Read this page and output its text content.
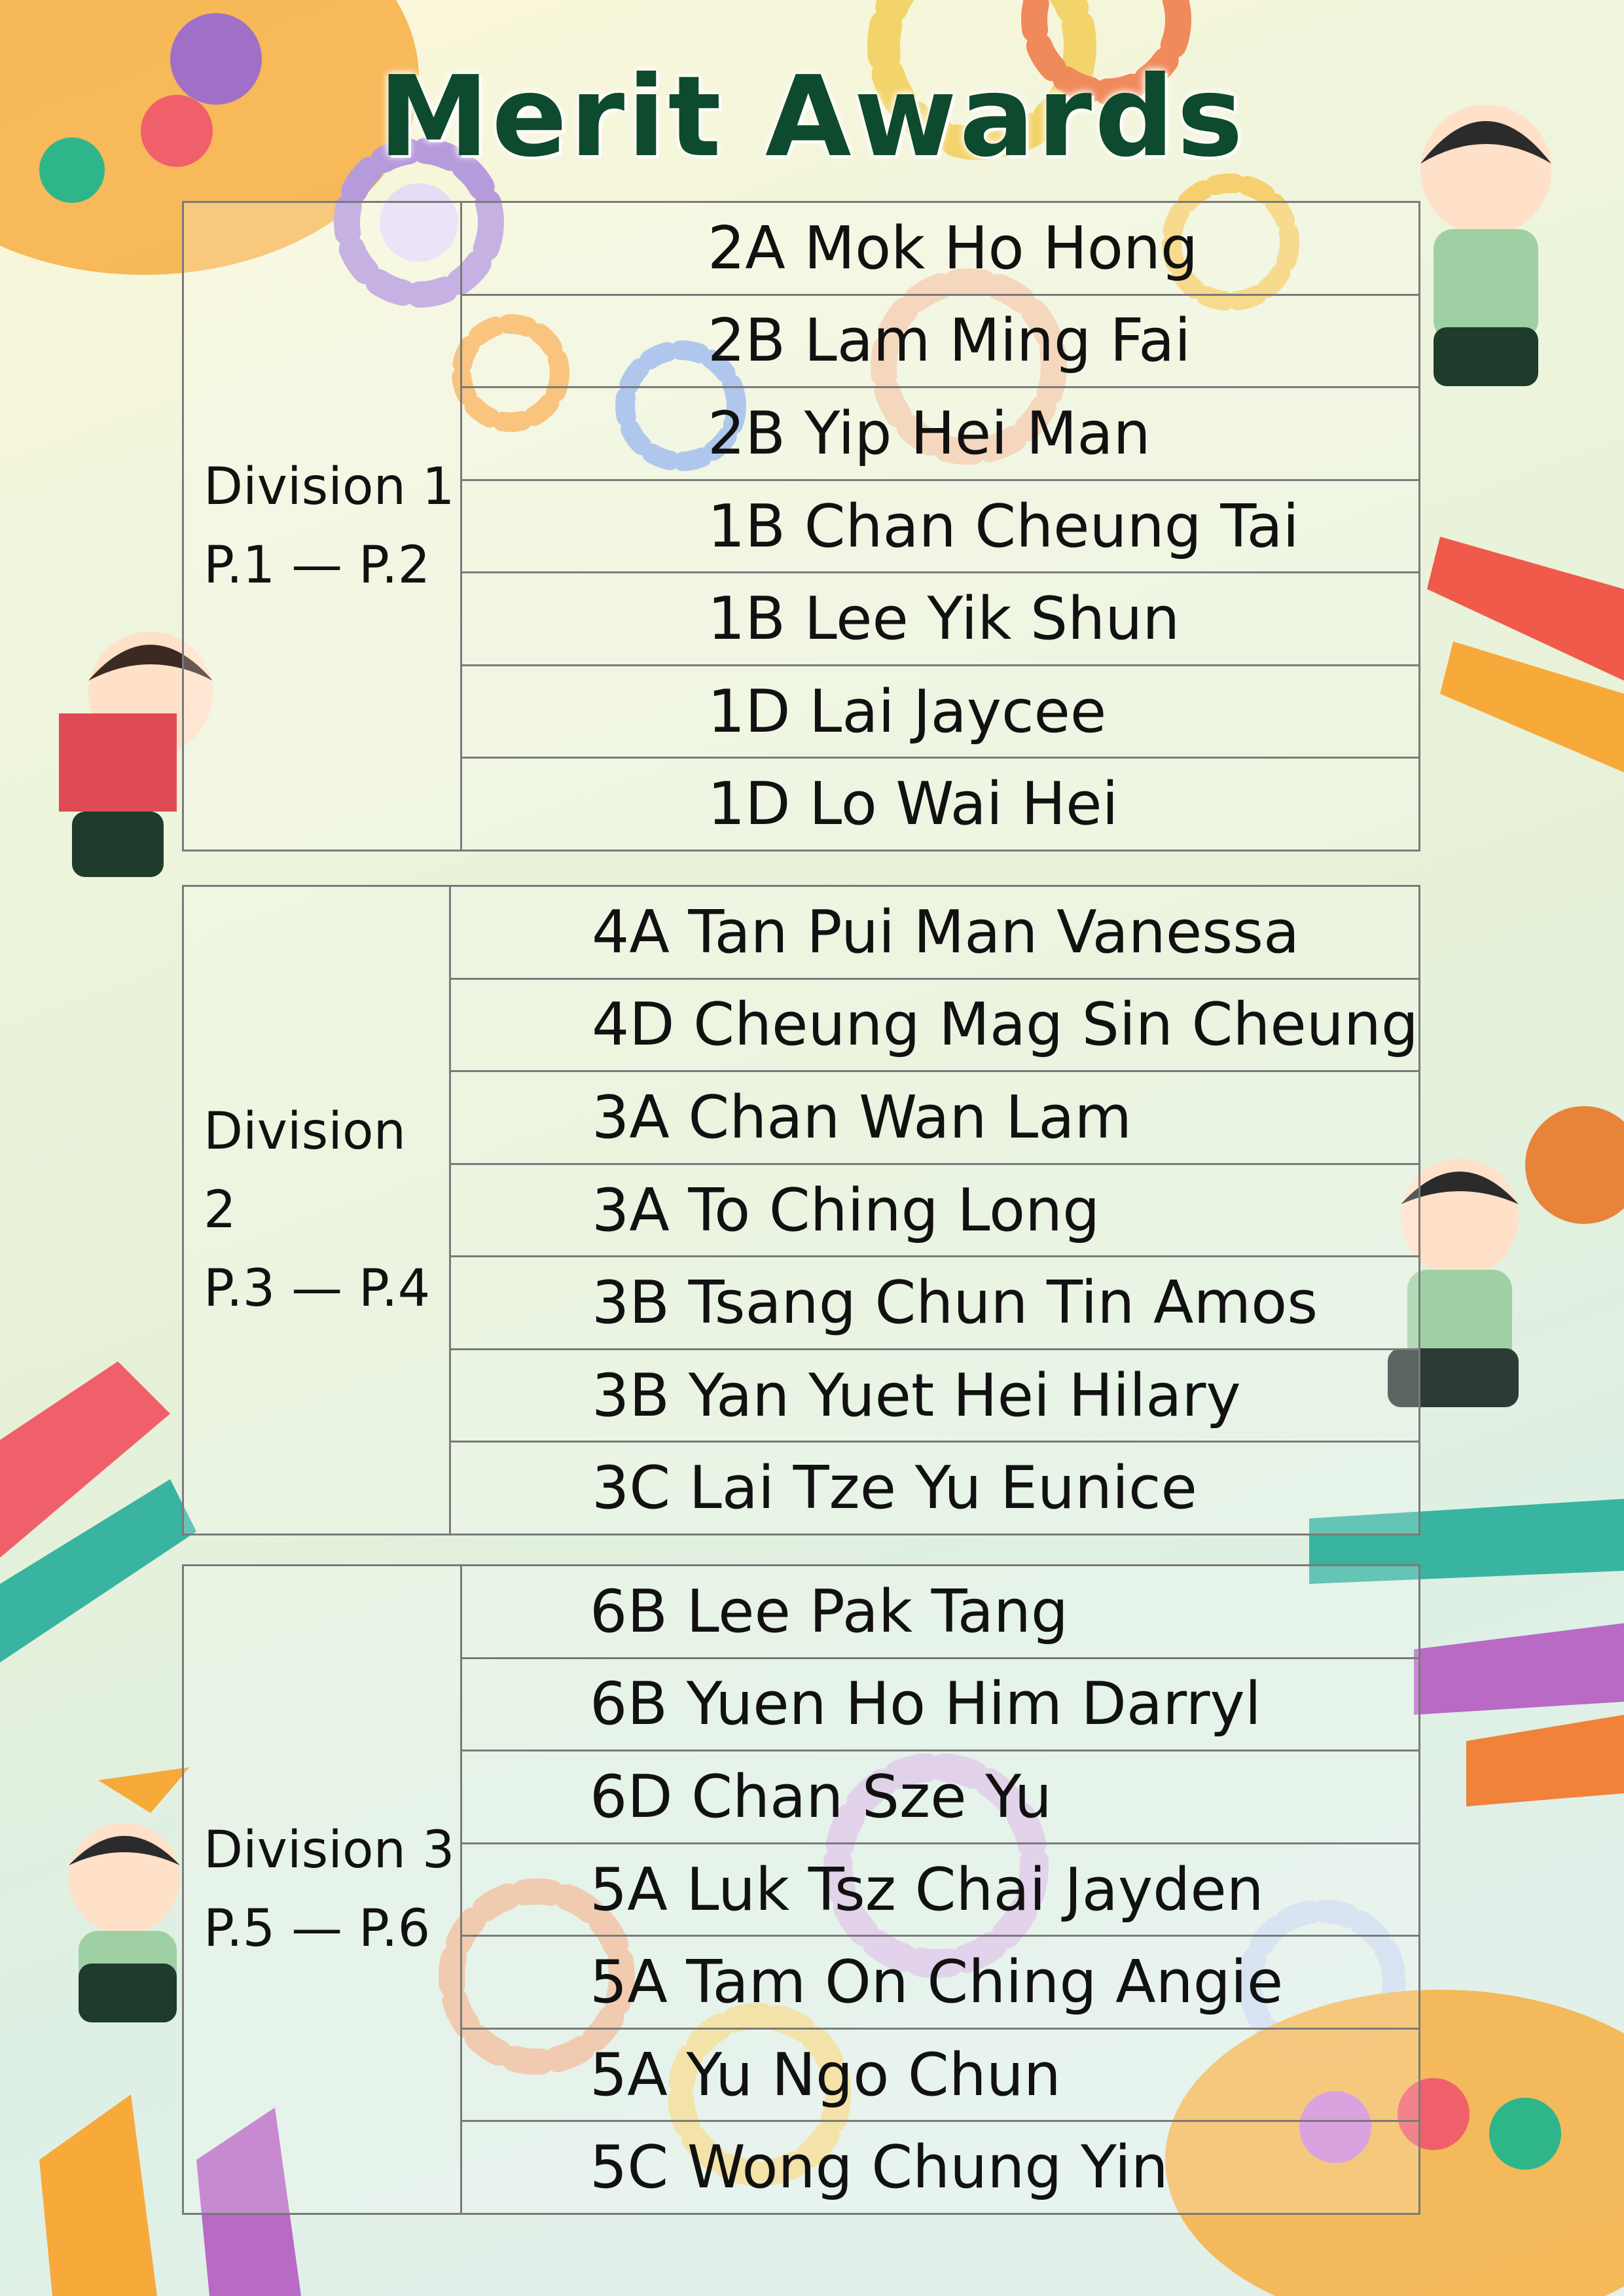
Merit Awards
Division 1
P.1 — P.2
2A Mok Ho Hong
2B Lam Ming Fai
2B Yip Hei Man
1B Chan Cheung Tai
1B Lee Yik Shun
1D Lai Jaycee
1D Lo Wai Hei
Division 2
P.3 — P.4
4A Tan Pui Man Vanessa
4D Cheung Mag Sin Cheung
3A Chan Wan Lam
3A To Ching Long
3B Tsang Chun Tin Amos
3B Yan Yuet Hei Hilary
3C Lai Tze Yu Eunice
Division 3
P.5 — P.6
6B Lee Pak Tang
6B Yuen Ho Him Darryl
6D Chan Sze Yu
5A Luk Tsz Chai Jayden
5A Tam On Ching Angie
5A Yu Ngo Chun
5C Wong Chung Yin
